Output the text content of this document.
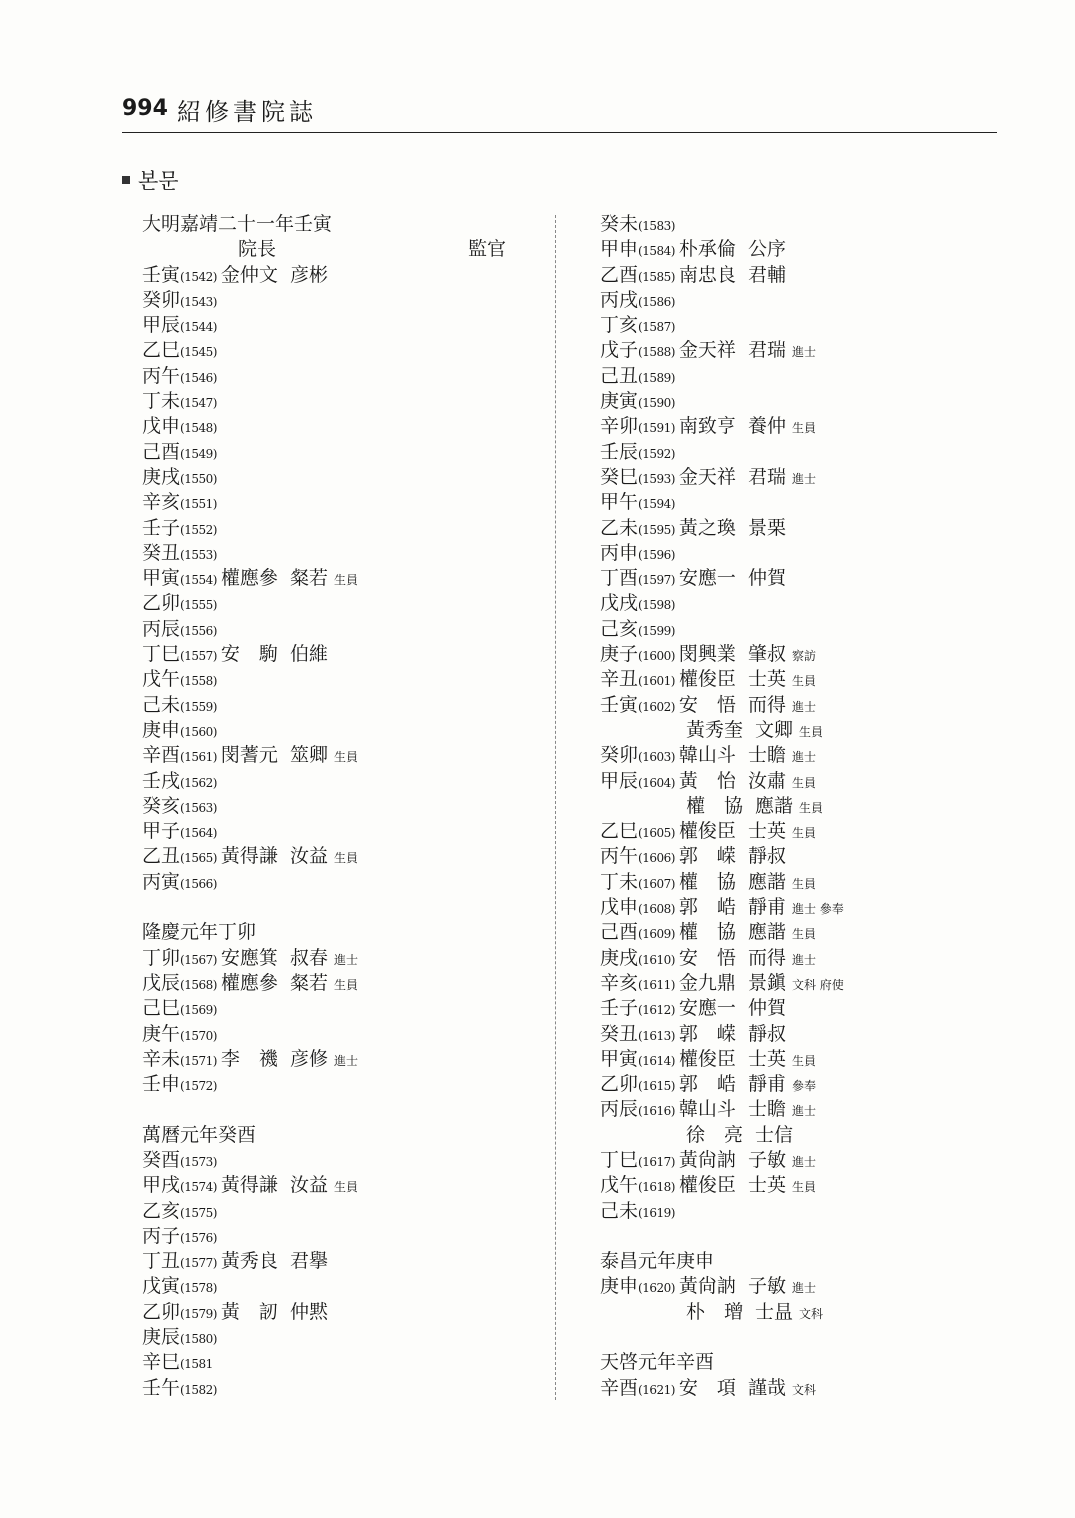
994 紹修書院誌
본문
大明嘉靖二十一年壬寅
院長	監官
壬寅(1542) 金仲文 彦彬
癸卯(1543)
甲辰(1544)
乙巳(1545)
丙午(1546)
丁未(1547)
戊申(1548)
己酉(1549)
庚戌(1550)
辛亥(1551)
壬子(1552)
癸丑(1553)
甲寅(1554) 權應參 粲若 生員
乙卯(1555)
丙辰(1556)
丁巳(1557) 安　駒 伯維
戊午(1558)
己未(1559)
庚申(1560)
辛酉(1561) 閔蓍元 筮卿 生員
壬戌(1562)
癸亥(1563)
甲子(1564)
乙丑(1565) 黃得謙 汝益 生員
丙寅(1566)
隆慶元年丁卯
丁卯(1567) 安應箕 叔春 進士
戊辰(1568) 權應參 粲若 生員
己巳(1569)
庚午(1570)
辛未(1571) 李　禨 彦修 進士
壬申(1572)
萬曆元年癸酉
癸酉(1573)
甲戌(1574) 黃得謙 汝益 生員
乙亥(1575)
丙子(1576)
丁丑(1577) 黃秀良 君擧
戊寅(1578)
乙卯(1579) 黃　訒 仲黙
庚辰(1580)
辛巳(1581
壬午(1582)
癸未(1583)
甲申(1584) 朴承倫 公序
乙酉(1585) 南忠良 君輔
丙戌(1586)
丁亥(1587)
戊子(1588) 金天祥 君瑞 進士
己丑(1589)
庚寅(1590)
辛卯(1591) 南致亨 養仲 生員
壬辰(1592)
癸巳(1593) 金天祥 君瑞 進士
甲午(1594)
乙未(1595) 黃之瑍 景栗
丙申(1596)
丁酉(1597) 安應一 仲賀
戊戌(1598)
己亥(1599)
庚子(1600) 閔興業 肇叔 察訪
辛丑(1601) 權俊臣 士英 生員
壬寅(1602) 安　悟 而得 進士
黃秀奎 文卿 生員
癸卯(1603) 韓山斗 士瞻 進士
甲辰(1604) 黃　怡 汝肅 生員
權　協 應諧 生員
乙巳(1605) 權俊臣 士英 生員
丙午(1606) 郭　嵘 靜叔
丁未(1607) 權　協 應諧 生員
戊申(1608) 郭　峼 靜甫 進士 參奉
己酉(1609) 權　協 應諧 生員
庚戌(1610) 安　悟 而得 進士
辛亥(1611) 金九鼎 景鎭 文科 府使
壬子(1612) 安應一 仲賀
癸丑(1613) 郭　嵘 靜叔
甲寅(1614) 權俊臣 士英 生員
乙卯(1615) 郭　峼 靜甫 參奉
丙辰(1616) 韓山斗 士瞻 進士
徐　亮 士信
丁巳(1617) 黃尙訥 子敏 進士
戊午(1618) 權俊臣 士英 生員
己未(1619)
泰昌元年庚申
庚申(1620) 黃尙訥 子敏 進士
朴　璔 士昷 文科
天啓元年辛酉
辛酉(1621) 安　項 謹哉 文科
